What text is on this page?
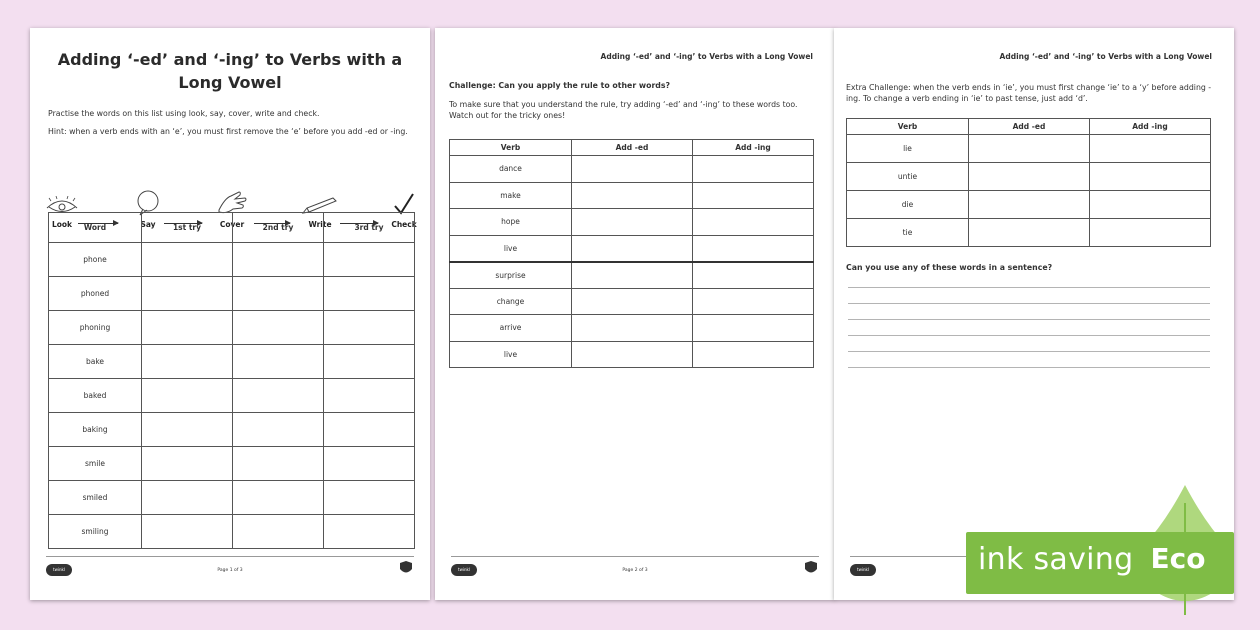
Adding ‘-ed’ and ‘-ing’ to Verbs with a Long Vowel
Practise the words on this list using look, say, cover, write and check.
Hint: when a verb ends with an ‘e’, you must first remove the ‘e’ before you add -ed or -ing.
Look	Say	Cover	Write	Check
Word	1st try	2nd try	3rd try
phone			
phoned			
phoning			
bake			
baked			
baking			
smile			
smiled			
smiling			
twinkl	Page 1 of 3
Adding ‘-ed’ and ‘-ing’ to Verbs with a Long Vowel
Challenge: Can you apply the rule to other words?
To make sure that you understand the rule, try adding ‘-ed’ and ‘-ing’ to these words too. Watch out for the tricky ones!
Verb	Add -ed	Add -ing
dance		
make		
hope		
live		
surprise		
change		
arrive		
live		
twinkl	Page 2 of 3
Adding ‘-ed’ and ‘-ing’ to Verbs with a Long Vowel
Extra Challenge: when the verb ends in ‘ie’, you must first change ‘ie’ to a ‘y’ before adding -ing. To change a verb ending in ‘ie’ to past tense, just add ‘d’.
Verb	Add -ed	Add -ing
lie		
untie		
die		
tie		
Can you use any of these words in a sentence?
twinkl	ink saving Eco
